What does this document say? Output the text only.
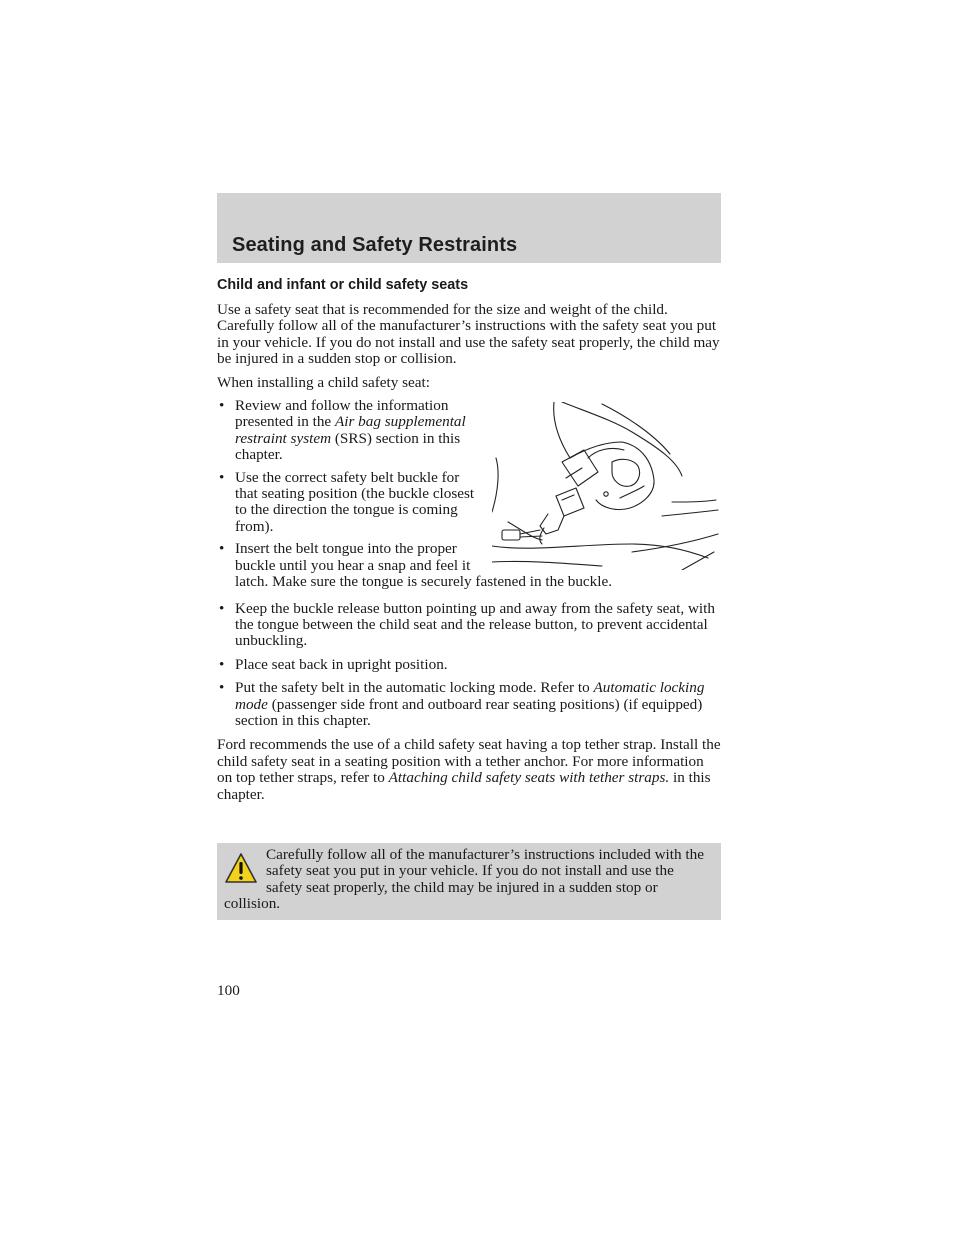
Seating and Safety Restraints
Child and infant or child safety seats

Use a safety seat that is recommended for the size and weight of the child. Carefully follow all of the manufacturer’s instructions with the safety seat you put in your vehicle. If you do not install and use the safety seat properly, the child may be injured in a sudden stop or collision.

When installing a child safety seat:

• Review and follow the information presented in the Air bag supplemental restraint system (SRS) section in this chapter.
• Use the correct safety belt buckle for that seating position (the buckle closest to the direction the tongue is coming from).
• Insert the belt tongue into the proper buckle until you hear a snap and feel it latch. Make sure the tongue is securely fastened in the buckle.
• Keep the buckle release button pointing up and away from the safety seat, with the tongue between the child seat and the release button, to prevent accidental unbuckling.
• Place seat back in upright position.
• Put the safety belt in the automatic locking mode. Refer to Automatic locking mode (passenger side front and outboard rear seating positions) (if equipped) section in this chapter.

Ford recommends the use of a child safety seat having a top tether strap. Install the child safety seat in a seating position with a tether anchor. For more information on top tether straps, refer to Attaching child safety seats with tether straps. in this chapter.

Carefully follow all of the manufacturer’s instructions included with the safety seat you put in your vehicle. If you do not install and use the safety seat properly, the child may be injured in a sudden stop or collision.
100
